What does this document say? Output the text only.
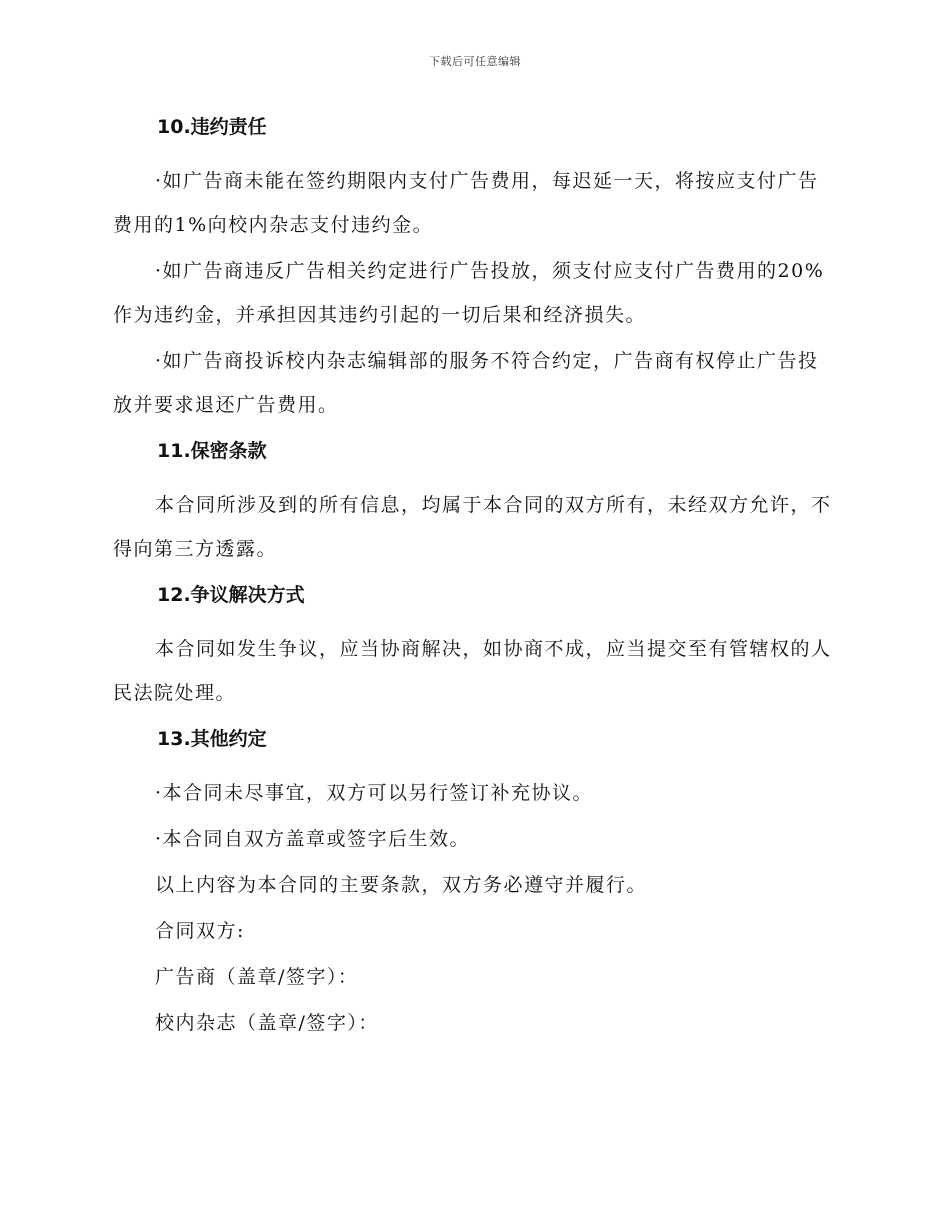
下载后可任意编辑
10.违约责任

·如广告商未能在签约期限内支付广告费用，每迟延一天，将按应支付广告费用的1%向校内杂志支付违约金。

·如广告商违反广告相关约定进行广告投放，须支付应支付广告费用的20%作为违约金，并承担因其违约引起的一切后果和经济损失。

·如广告商投诉校内杂志编辑部的服务不符合约定，广告商有权停止广告投放并要求退还广告费用。

11.保密条款

本合同所涉及到的所有信息，均属于本合同的双方所有，未经双方允许，不得向第三方透露。

12.争议解决方式

本合同如发生争议，应当协商解决，如协商不成，应当提交至有管辖权的人民法院处理。

13.其他约定

·本合同未尽事宜，双方可以另行签订补充协议。

·本合同自双方盖章或签字后生效。

以上内容为本合同的主要条款，双方务必遵守并履行。

合同双方:

广告商（盖章/签字）：

校内杂志（盖章/签字）：
